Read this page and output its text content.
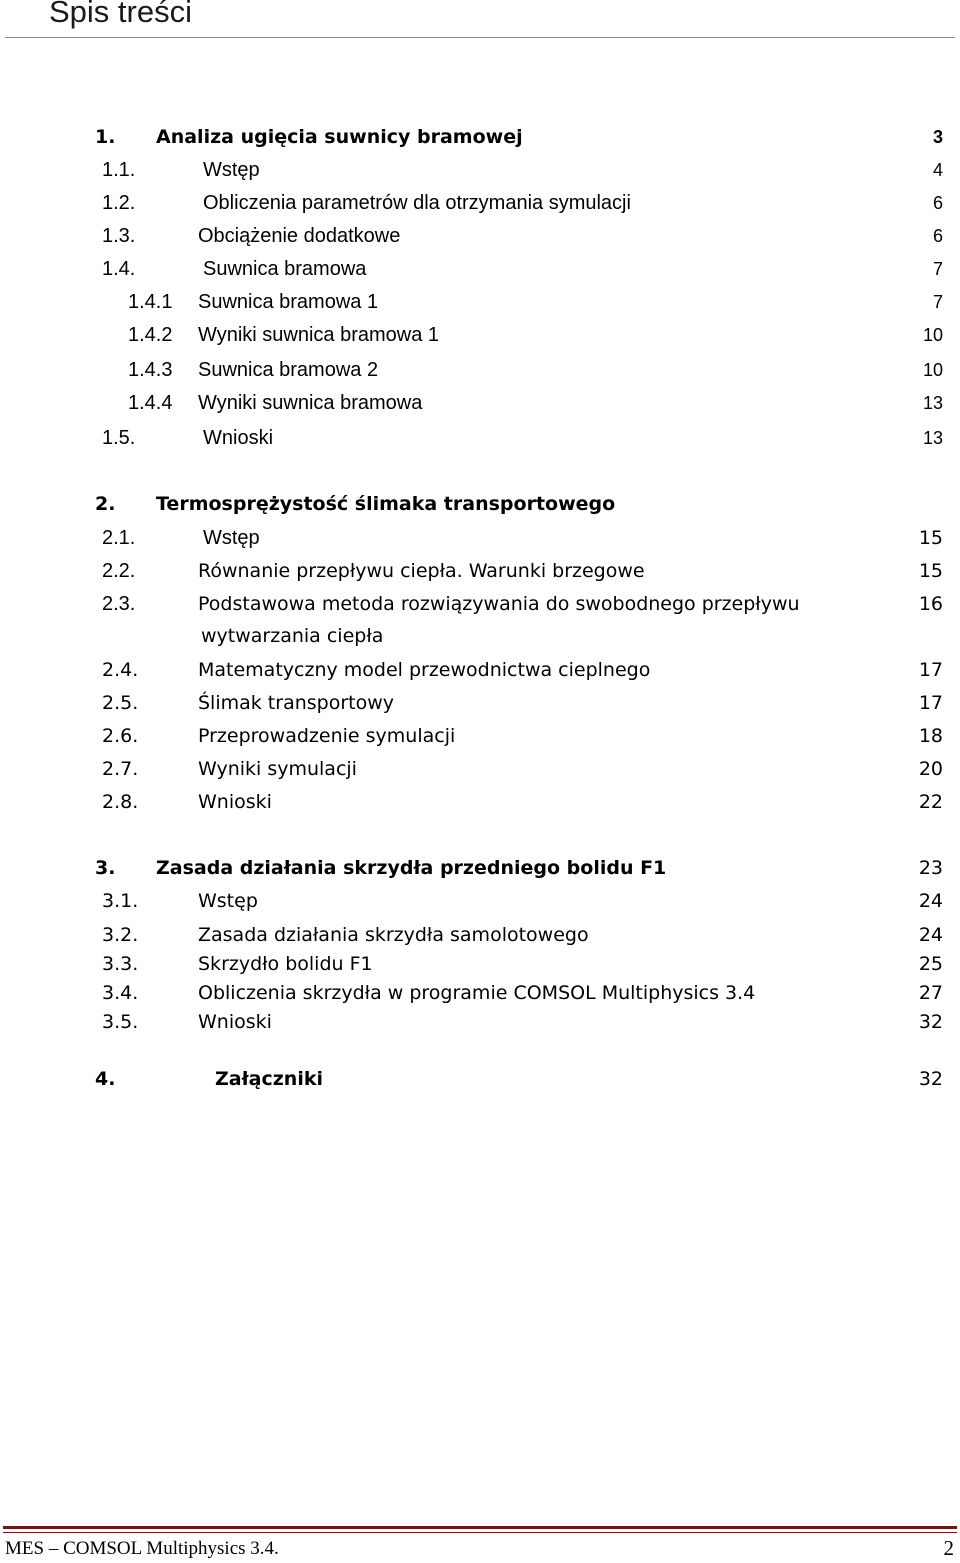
Spis treści
1. Analiza ugięcia suwnicy bramowej	3
1.1.	Wstęp	4
1.2.	Obliczenia parametrów dla otrzymania symulacji	6
1.3.	Obciążenie dodatkowe	6
1.4.	Suwnica bramowa	7
1.4.1 Suwnica bramowa 1	7
1.4.2 Wyniki suwnica bramowa 1	10
1.4.3 Suwnica bramowa 2	10
1.4.4 Wyniki suwnica bramowa	13
1.5.	Wnioski	13
2. Termosprężystość ślimaka transportowego
2.1.	Wstęp	15
2.2.	Równanie przepływu ciepła. Warunki brzegowe	15
2.3.	Podstawowa metoda rozwiązywania do swobodnego przepływu	16
wytwarzania ciepła
2.4.	Matematyczny model przewodnictwa cieplnego	17
2.5.	Ślimak transportowy	17
2.6.	Przeprowadzenie symulacji	18
2.7.	Wyniki symulacji	20
2.8.	Wnioski	22
3. Zasada działania skrzydła przedniego bolidu F1	23
3.1.	Wstęp	24
3.2.	Zasada działania skrzydła samolotowego	24
3.3.	Skrzydło bolidu F1	25
3.4.	Obliczenia skrzydła w programie COMSOL Multiphysics 3.4	27
3.5.	Wnioski	32
4.	Załączniki	32
MES – COMSOL Multiphysics 3.4.	2
